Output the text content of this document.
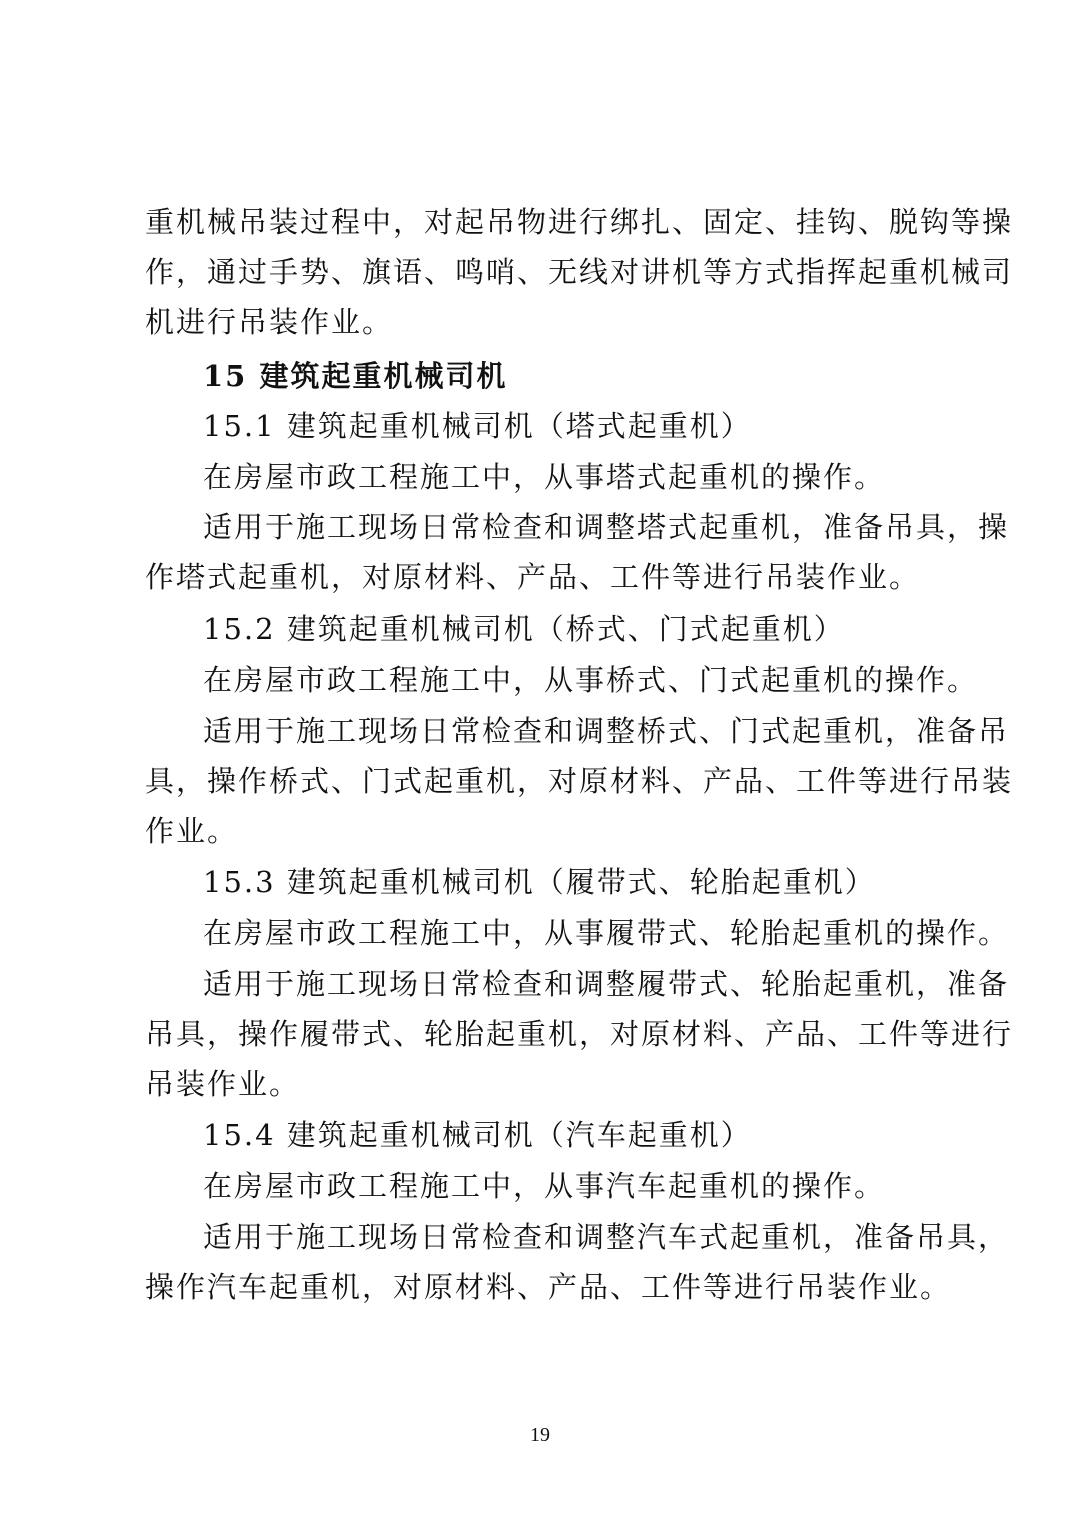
重机械吊装过程中，对起吊物进行绑扎、固定、挂钩、脱钩等操
作，通过手势、旗语、鸣哨、无线对讲机等方式指挥起重机械司
机进行吊装作业。
15 建筑起重机械司机
15.1 建筑起重机械司机（塔式起重机）
在房屋市政工程施工中，从事塔式起重机的操作。
适用于施工现场日常检查和调整塔式起重机，准备吊具，操
作塔式起重机，对原材料、产品、工件等进行吊装作业。
15.2 建筑起重机械司机（桥式、门式起重机）
在房屋市政工程施工中，从事桥式、门式起重机的操作。
适用于施工现场日常检查和调整桥式、门式起重机，准备吊
具，操作桥式、门式起重机，对原材料、产品、工件等进行吊装
作业。
15.3 建筑起重机械司机（履带式、轮胎起重机）
在房屋市政工程施工中，从事履带式、轮胎起重机的操作。
适用于施工现场日常检查和调整履带式、轮胎起重机，准备
吊具，操作履带式、轮胎起重机，对原材料、产品、工件等进行
吊装作业。
15.4 建筑起重机械司机（汽车起重机）
在房屋市政工程施工中，从事汽车起重机的操作。
适用于施工现场日常检查和调整汽车式起重机，准备吊具，
操作汽车起重机，对原材料、产品、工件等进行吊装作业。
19
